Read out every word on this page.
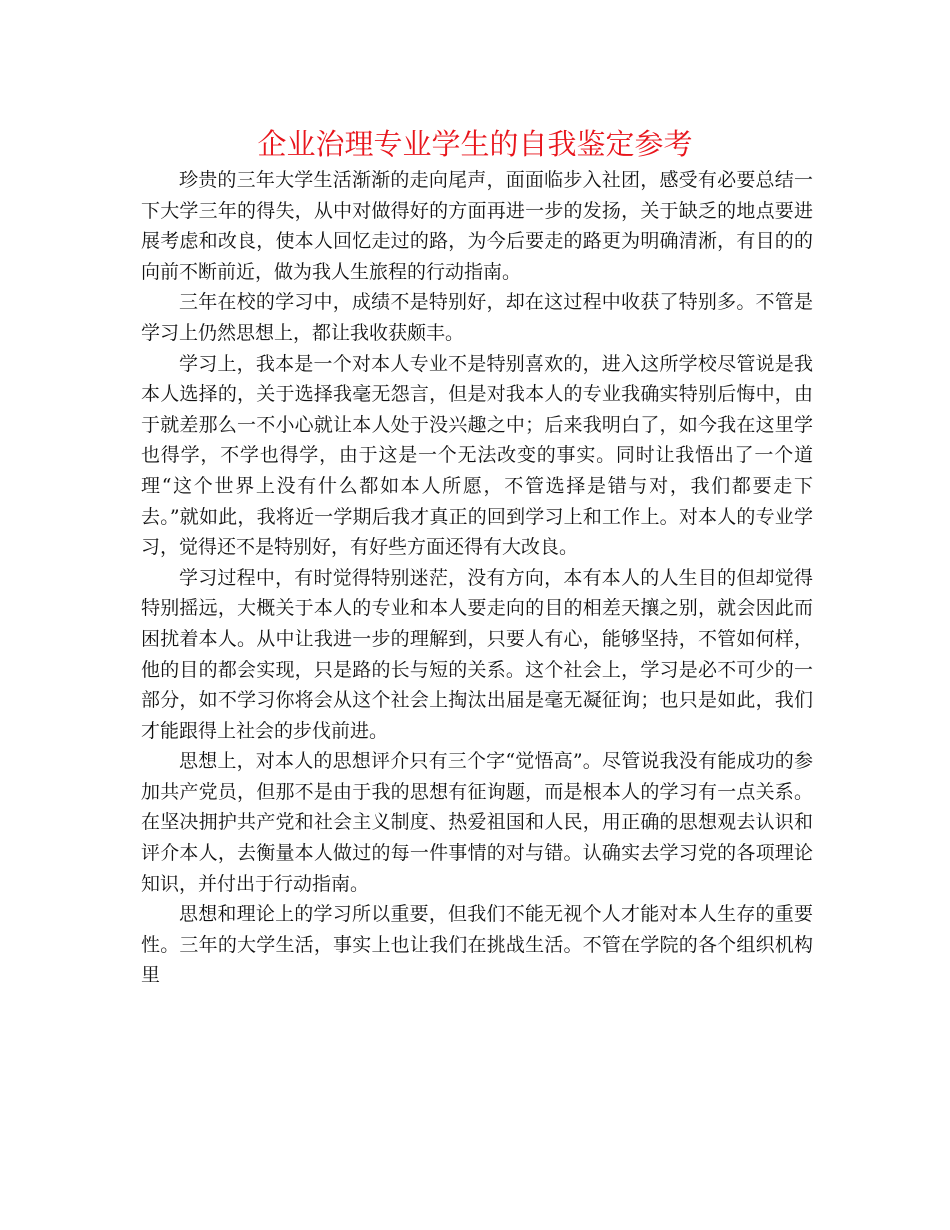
企业治理专业学生的自我鉴定参考

珍贵的三年大学生活渐渐的走向尾声，面面临步入社团，感受有必要总结一下大学三年的得失，从中对做得好的方面再进一步的发扬，关于缺乏的地点要进展考虑和改良，使本人回忆走过的路，为今后要走的路更为明确清淅，有目的的向前不断前近，做为我人生旅程的行动指南。

三年在校的学习中，成绩不是特别好，却在这过程中收获了特别多。不管是学习上仍然思想上，都让我收获颇丰。

学习上，我本是一个对本人专业不是特别喜欢的，进入这所学校尽管说是我本人选择的，关于选择我毫无怨言，但是对我本人的专业我确实特别后悔中，由于就差那么一不小心就让本人处于没兴趣之中；后来我明白了，如今我在这里学也得学，不学也得学，由于这是一个无法改变的事实。同时让我悟出了一个道理“这个世界上没有什么都如本人所愿，不管选择是错与对，我们都要走下去。”就如此，我将近一学期后我才真正的回到学习上和工作上。对本人的专业学习，觉得还不是特别好，有好些方面还得有大改良。

学习过程中，有时觉得特别迷茫，没有方向，本有本人的人生目的但却觉得特别摇远，大概关于本人的专业和本人要走向的目的相差天攘之别，就会因此而困扰着本人。从中让我进一步的理解到，只要人有心，能够坚持，不管如何样，他的目的都会实现，只是路的长与短的关系。这个社会上，学习是必不可少的一部分，如不学习你将会从这个社会上掏汰出届是毫无凝征询；也只是如此，我们才能跟得上社会的步伐前进。

思想上，对本人的思想评介只有三个字“觉悟高”。尽管说我没有能成功的参加共产党员，但那不是由于我的思想有征询题，而是根本人的学习有一点关系。在坚决拥护共产党和社会主义制度、热爱祖国和人民，用正确的思想观去认识和评介本人，去衡量本人做过的每一件事情的对与错。认确实去学习党的各项理论知识，并付出于行动指南。

思想和理论上的学习所以重要，但我们不能无视个人才能对本人生存的重要性。三年的大学生活，事实上也让我们在挑战生活。不管在学院的各个组织机构里
